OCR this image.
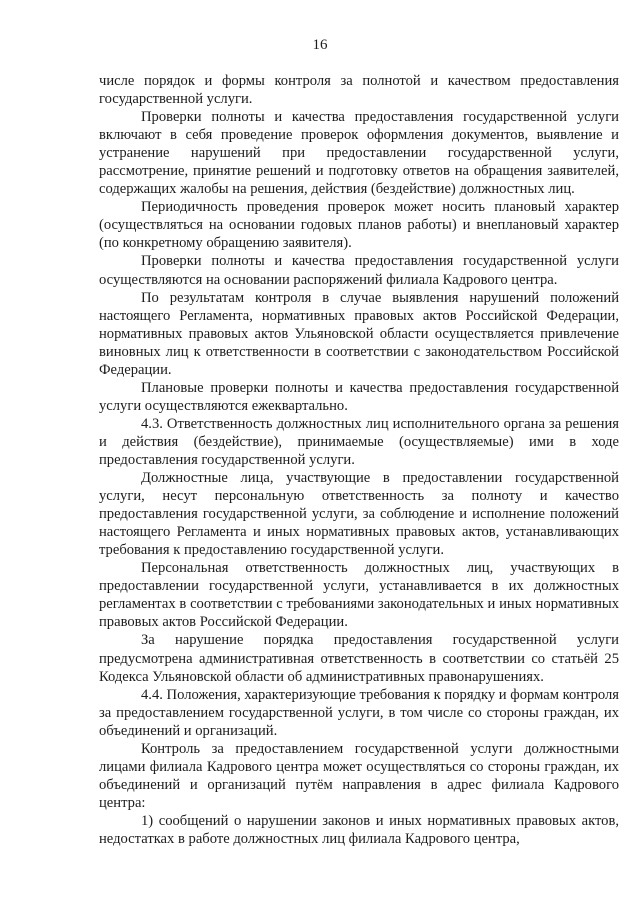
16

числе порядок и формы контроля за полнотой и качеством предоставления государственной услуги.

Проверки полноты и качества предоставления государственной услуги включают в себя проведение проверок оформления документов, выявление и устранение нарушений при предоставлении государственной услуги, рассмотрение, принятие решений и подготовку ответов на обращения заявителей, содержащих жалобы на решения, действия (бездействие) должностных лиц.

Периодичность проведения проверок может носить плановый характер (осуществляться на основании годовых планов работы) и внеплановый характер (по конкретному обращению заявителя).

Проверки полноты и качества предоставления государственной услуги осуществляются на основании распоряжений филиала Кадрового центра.

По результатам контроля в случае выявления нарушений положений настоящего Регламента, нормативных правовых актов Российской Федерации, нормативных правовых актов Ульяновской области осуществляется привлечение виновных лиц к ответственности в соответствии с законодательством Российской Федерации.

Плановые проверки полноты и качества предоставления государственной услуги осуществляются ежеквартально.

4.3. Ответственность должностных лиц исполнительного органа за решения и действия (бездействие), принимаемые (осуществляемые) ими в ходе предоставления государственной услуги.

Должностные лица, участвующие в предоставлении государственной услуги, несут персональную ответственность за полноту и качество предоставления государственной услуги, за соблюдение и исполнение положений настоящего Регламента и иных нормативных правовых актов, устанавливающих требования к предоставлению государственной услуги.

Персональная ответственность должностных лиц, участвующих в предоставлении государственной услуги, устанавливается в их должностных регламентах в соответствии с требованиями законодательных и иных нормативных правовых актов Российской Федерации.

За нарушение порядка предоставления государственной услуги предусмотрена административная ответственность в соответствии со статьёй 25 Кодекса Ульяновской области об административных правонарушениях.

4.4. Положения, характеризующие требования к порядку и формам контроля за предоставлением государственной услуги, в том числе со стороны граждан, их объединений и организаций.

Контроль за предоставлением государственной услуги должностными лицами филиала Кадрового центра может осуществляться со стороны граждан, их объединений и организаций путём направления в адрес филиала Кадрового центра:

1) сообщений о нарушении законов и иных нормативных правовых актов, недостатках в работе должностных лиц филиала Кадрового центра,
